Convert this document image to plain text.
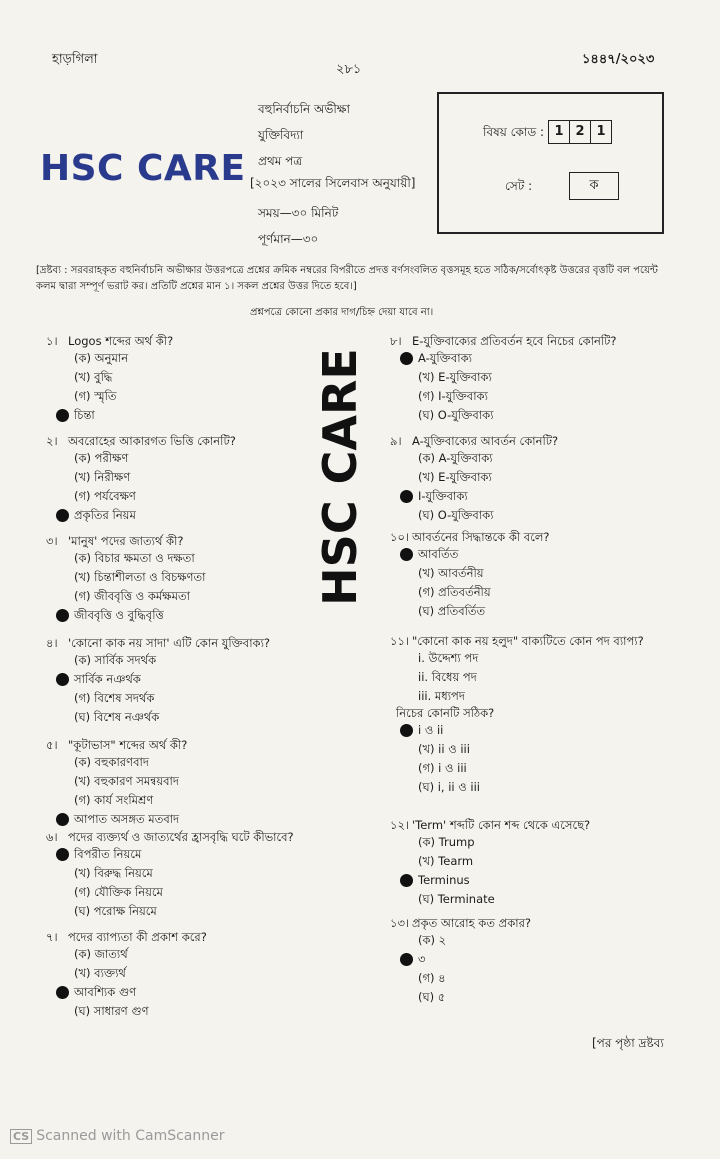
হাড়গিলা
২৮১
১৪৪৭/২০২৩
বহুনির্বাচনি অভীক্ষা
যুক্তিবিদ্যা
প্রথম পত্র
[২০২৩ সালের সিলেবাস অনুযায়ী]
সময়—৩০ মিনিট
পূর্ণমান—৩০
HSC CARE
বিষয় কোড : 1 2 1
সেট :	ক
[দ্রষ্টব্য : সরবরাহকৃত বহুনির্বাচনি অভীক্ষার উত্তরপত্রে প্রশ্নের ক্রমিক নম্বরের বিপরীতে প্রদত্ত বর্ণসংবলিত বৃত্তসমূহ হতে সঠিক/সর্বোৎকৃষ্ট উত্তরের বৃত্তটি বল পয়েন্ট কলম দ্বারা সম্পূর্ণ ভরাট কর। প্রতিটি প্রশ্নের মান ১। সকল প্রশ্নের উত্তর দিতে হবে।]
প্রশ্নপত্রে কোনো প্রকার দাগ/চিহ্ন দেয়া যাবে না।
HSC CARE
১। Logos শব্দের অর্থ কী?
(ক) অনুমান
(খ) বুদ্ধি
(গ) স্মৃতি
চিন্তা
২। অবরোহের আকারগত ভিত্তি কোনটি?
(ক) পরীক্ষণ
(খ) নিরীক্ষণ
(গ) পর্যবেক্ষণ
প্রকৃতির নিয়ম
৩। 'মানুষ' পদের জাত্যর্থ কী?
(ক) বিচার ক্ষমতা ও দক্ষতা
(খ) চিন্তাশীলতা ও বিচক্ষণতা
(গ) জীববৃত্তি ও কর্মক্ষমতা
জীববৃত্তি ও বুদ্ধিবৃত্তি
৪। 'কোনো কাক নয় সাদা' এটি কোন যুক্তিবাক্য?
(ক) সার্বিক সদর্থক
সার্বিক নঞর্থক
(গ) বিশেষ সদর্থক
(ঘ) বিশেষ নঞর্থক
৫। "কূটাভাস" শব্দের অর্থ কী?
(ক) বহুকারণবাদ
(খ) বহুকারণ সমন্বয়বাদ
(গ) কার্য সংমিশ্রণ
আপাত অসঙ্গত মতবাদ
৬। পদের ব্যক্ত্যর্থ ও জাত্যর্থের হ্রাসবৃদ্ধি ঘটে কীভাবে?
বিপরীত নিয়মে
(খ) বিরুদ্ধ নিয়মে
(গ) যৌক্তিক নিয়মে
(ঘ) পরোক্ষ নিয়মে
৭। পদের ব্যাপ্যতা কী প্রকাশ করে?
(ক) জাত্যর্থ
(খ) ব্যক্ত্যর্থ
আবশ্যিক গুণ
(ঘ) সাধারণ গুণ
৮। E-যুক্তিবাক্যের প্রতিবর্তন হবে নিচের কোনটি?
A-যুক্তিবাক্য
(খ) E-যুক্তিবাক্য
(গ) I-যুক্তিবাক্য
(ঘ) O-যুক্তিবাক্য
৯। A-যুক্তিবাক্যের আবর্তন কোনটি?
(ক) A-যুক্তিবাক্য
(খ) E-যুক্তিবাক্য
I-যুক্তিবাক্য
(ঘ) O-যুক্তিবাক্য
১০। আবর্তনের সিদ্ধান্তকে কী বলে?
আবর্তিত
(খ) আবর্তনীয়
(গ) প্রতিবর্তনীয়
(ঘ) প্রতিবর্তিত
১১। "কোনো কাক নয় হলুদ" বাক্যটিতে কোন পদ ব্যাপ্য?
i. উদ্দেশ্য পদ
ii. বিধেয় পদ
iii. মধ্যপদ
নিচের কোনটি সঠিক?
i ও ii
(খ) ii ও iii
(গ) i ও iii
(ঘ) i, ii ও iii
১২। 'Term' শব্দটি কোন শব্দ থেকে এসেছে?
(ক) Trump
(খ) Tearm
Terminus
(ঘ) Terminate
১৩। প্রকৃত আরোহ কত প্রকার?
(ক) ২
৩
(গ) ৪
(ঘ) ৫
[পর পৃষ্ঠা দ্রষ্টব্য
CS Scanned with CamScanner
